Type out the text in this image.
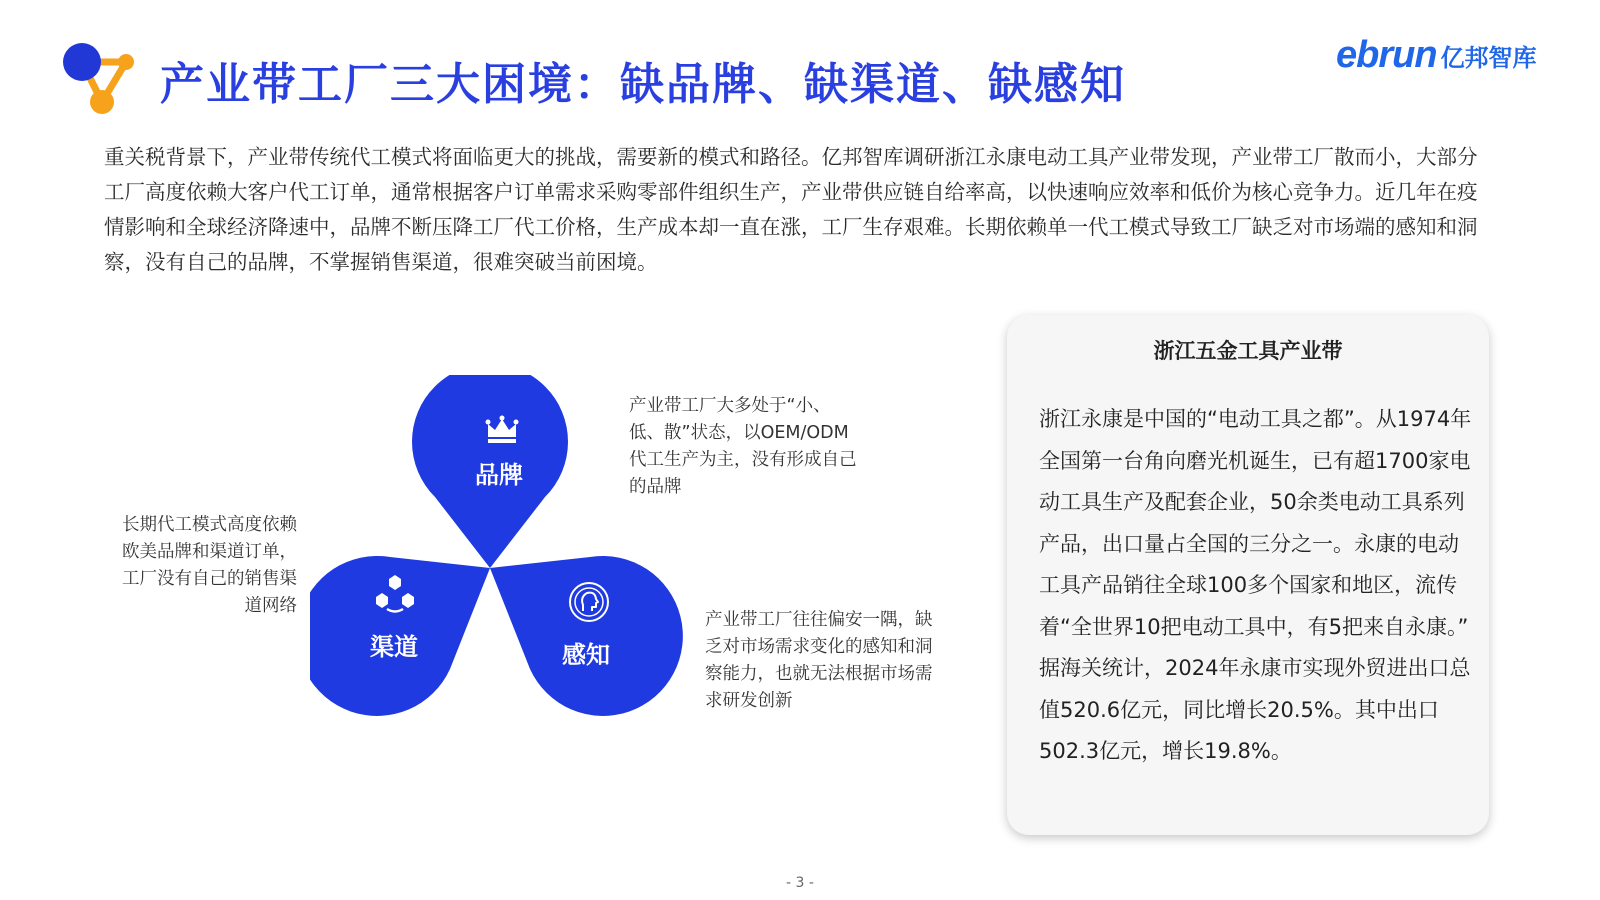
产业带工厂三大困境：缺品牌、缺渠道、缺感知
ebrun 亿邦智库

重关税背景下，产业带传统代工模式将面临更大的挑战，需要新的模式和路径。亿邦智库调研浙江永康电动工具产业带发现，产业带工厂散而小，大部分工厂高度依赖大客户代工订单，通常根据客户订单需求采购零部件组织生产，产业带供应链自给率高，以快速响应效率和低价为核心竞争力。近几年在疫情影响和全球经济降速中，品牌不断压降工厂代工价格，生产成本却一直在涨，工厂生存艰难。长期依赖单一代工模式导致工厂缺乏对市场端的感知和洞察，没有自己的品牌，不掌握销售渠道，很难突破当前困境。

品牌
渠道	感知
产业带工厂大多处于“小、低、散”状态，以OEM/ODM代工生产为主，没有形成自己的品牌
长期代工模式高度依赖欧美品牌和渠道订单，工厂没有自己的销售渠道网络
产业带工厂往往偏安一隅，缺乏对市场需求变化的感知和洞察能力，也就无法根据市场需求研发创新
浙江五金工具产业带

浙江永康是中国的“电动工具之都”。从1974年全国第一台角向磨光机诞生，已有超1700家电动工具生产及配套企业，50余类电动工具系列产品，出口量占全国的三分之一。永康的电动工具产品销往全球100多个国家和地区，流传着“全世界10把电动工具中，有5把来自永康。”

据海关统计，2024年永康市实现外贸进出口总值520.6亿元，同比增长20.5%。其中出口502.3亿元，增长19.8%。

- 3 -
